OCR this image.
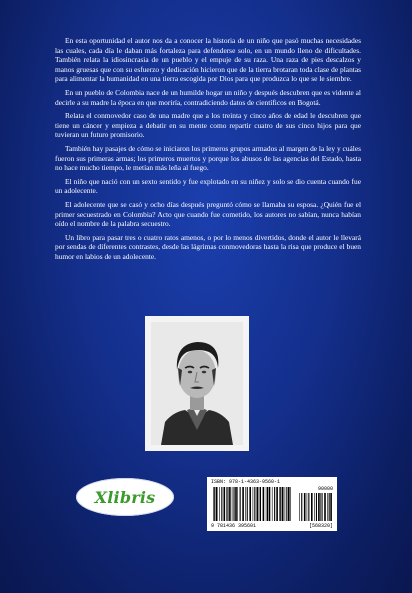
En esta oportunidad el autor nos da a conocer la historia de un niño que pasó muchas necesidades las cuales, cada día le daban más fortaleza para defenderse solo, en un mundo lleno de dificultades. También relata la idiosincrasia de un pueblo y el empuje de su raza. Una raza de pies descalzos y manos gruesas que con su esfuerzo y dedicación hicieron que de la tierra brotaran toda clase de plantas para alimentar la humanidad en una tierra escogida por Dios para que produzca lo que se le siembre.

En un pueblo de Colombia nace de un humilde hogar un niño y después descubren que es vidente al decirle a su madre la época en que moriría, contradiciendo datos de científicos en Bogotá.

Relata el conmovedor caso de una madre que a los treinta y cinco años de edad le descubren que tiene un cáncer y empieza a debatir en su mente como repartir cuatro de sus cinco hijos para que tuvieran un futuro promisorio.

También hay pasajes de cómo se iniciaron los primeros grupos armados al margen de la ley y cuáles fueron sus primeras armas; los primeros muertos y porque los abusos de las agencias del Estado, hasta no hace mucho tiempo, le metían más leña al fuego.

El niño que nació con un sexto sentido y fue explotado en su niñez y solo se dio cuenta cuando fue un adolecente.

El adolecente que se casó y ocho días después preguntó cómo se llamaba su esposa. ¿Quién fue el primer secuestrado en Colombia? Acto que cuando fue cometido, los autores no sabían, nunca habían oído el nombre de la palabra secuestro.

Un libro para pasar tres o cuatro ratos amenos, o por lo menos divertidos, donde el autor le llevará por sendas de diferentes contrastes, desde las lágrimas conmovedoras hasta la risa que produce el buen humor en labios de un adolecente.

Xlibris
ISBN: 978-1-4363-9560-1
90000
9 781436 395601	[568320]
